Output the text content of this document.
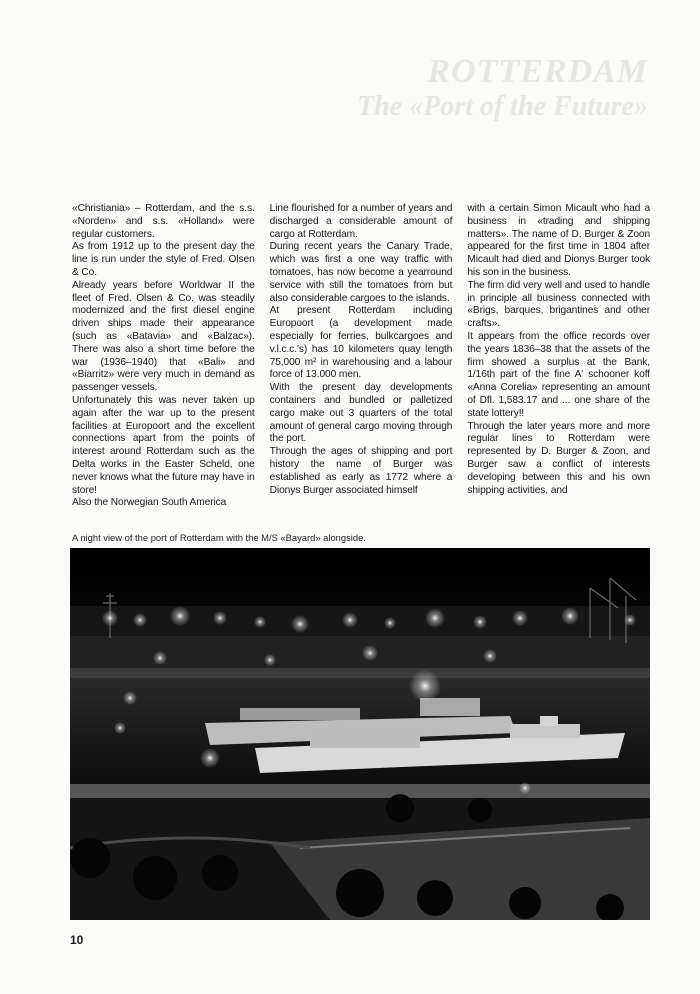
ROTTERDAM
The «Port of the Future»

«Christiania» – Rotterdam, and the s.s. «Norden» and s.s. «Holland» were regular customers.

As from 1912 up to the present day the line is run under the style of Fred. Olsen & Co.

Already years before Worldwar II the fleet of Fred. Olsen & Co. was steadily modernized and the first diesel engine driven ships made their appearance (such as «Batavia» and «Balzac»). There was also a short time before the war (1936–1940) that «Bali» and «Biarritz» were very much in demand as passenger vessels.

Unfortunately this was never taken up again after the war up to the present facilities at Europoort and the excellent connections apart from the points of interest around Rotterdam such as the Delta works in the Easter Scheld, one never knows what the future may have in store!

Also the Norwegian South America

Line flourished for a number of years and discharged a considerable amount of cargo at Rotterdam.

During recent years the Canary Trade, which was first a one way traffic with tomatoes, has now become a yearround service with still the tomatoes from but also considerable cargoes to the islands.

At present Rotterdam including Europoort (a development made especially for ferries, bulkcargoes and v.l.c.c.'s) has 10 kilometers quay length 75,000 m² in warehousing and a labour force of 13.000 men.

With the present day developments containers and bundled or palletized cargo make out 3 quarters of the total amount of general cargo moving through the port.

Through the ages of shipping and port history the name of Burger was established as early as 1772 where a Dionys Burger associated himself

with a certain Simon Micault who had a business in «trading and shipping matters». The name of D. Burger & Zoon appeared for the first time in 1804 after Micault had died and Dionys Burger took his son in the business.

The firm did very well and used to handle in principle all business connected with «Brigs, barques, brigantines and other crafts».

It appears from the office records over the years 1836–38 that the assets of the firm showed a surplus at the Bank, 1/16th part of the fine A' schooner koff «Anna Corelia» representing an amount of Dfl. 1,583.17 and ... one share of the state lottery!!

Through the later years more and more regular lines to Rotterdam were represented by D. Burger & Zoon, and Burger saw a conflict of interests developing between this and his own shipping activities, and

A night view of the port of Rotterdam with the M/S «Bayard» alongside.
10
